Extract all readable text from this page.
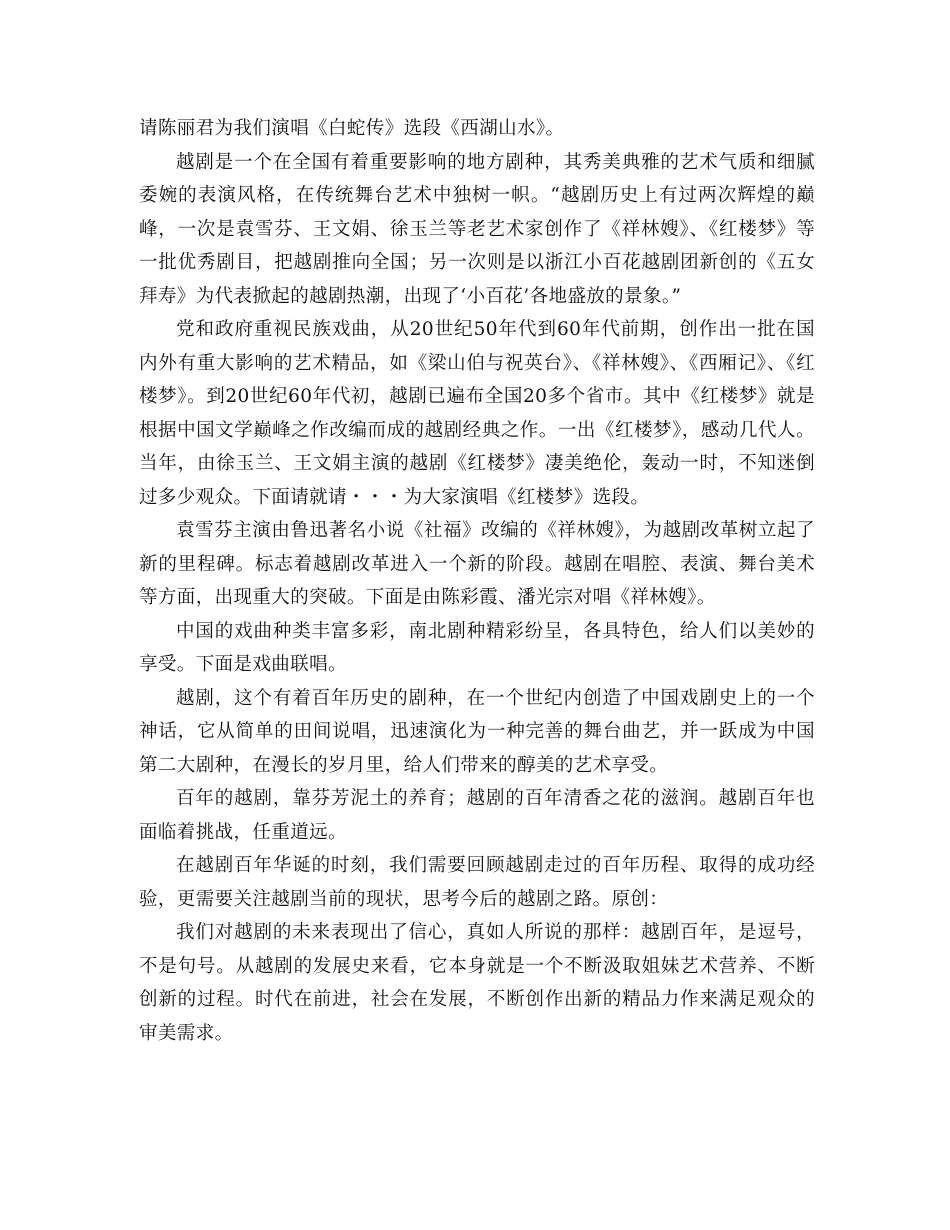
请陈丽君为我们演唱《白蛇传》选段《西湖山水》。

越剧是一个在全国有着重要影响的地方剧种，其秀美典雅的艺术气质和细腻委婉的表演风格，在传统舞台艺术中独树一帜。“越剧历史上有过两次辉煌的巅峰，一次是袁雪芬、王文娟、徐玉兰等老艺术家创作了《祥林嫂》、《红楼梦》等一批优秀剧目，把越剧推向全国；另一次则是以浙江小百花越剧团新创的《五女拜寿》为代表掀起的越剧热潮，出现了‘小百花’各地盛放的景象。”

党和政府重视民族戏曲，从20世纪50年代到60年代前期，创作出一批在国内外有重大影响的艺术精品，如《梁山伯与祝英台》、《祥林嫂》、《西厢记》、《红楼梦》。到20世纪60年代初，越剧已遍布全国20多个省市。其中《红楼梦》就是根据中国文学巅峰之作改编而成的越剧经典之作。一出《红楼梦》，感动几代人。当年，由徐玉兰、王文娟主演的越剧《红楼梦》凄美绝伦，轰动一时，不知迷倒过多少观众。下面请就请・・・为大家演唱《红楼梦》选段。

袁雪芬主演由鲁迅著名小说《社福》改编的《祥林嫂》，为越剧改革树立起了新的里程碑。标志着越剧改革进入一个新的阶段。越剧在唱腔、表演、舞台美术等方面，出现重大的突破。下面是由陈彩霞、潘光宗对唱《祥林嫂》。

中国的戏曲种类丰富多彩，南北剧种精彩纷呈，各具特色，给人们以美妙的享受。下面是戏曲联唱。

越剧，这个有着百年历史的剧种，在一个世纪内创造了中国戏剧史上的一个神话，它从简单的田间说唱，迅速演化为一种完善的舞台曲艺，并一跃成为中国第二大剧种，在漫长的岁月里，给人们带来的醇美的艺术享受。

百年的越剧，靠芬芳泥土的养育；越剧的百年清香之花的滋润。越剧百年也面临着挑战，任重道远。

在越剧百年华诞的时刻，我们需要回顾越剧走过的百年历程、取得的成功经验，更需要关注越剧当前的现状，思考今后的越剧之路。原创：

我们对越剧的未来表现出了信心，真如人所说的那样：越剧百年，是逗号，不是句号。从越剧的发展史来看，它本身就是一个不断汲取姐妹艺术营养、不断创新的过程。时代在前进，社会在发展，不断创作出新的精品力作来满足观众的审美需求。
